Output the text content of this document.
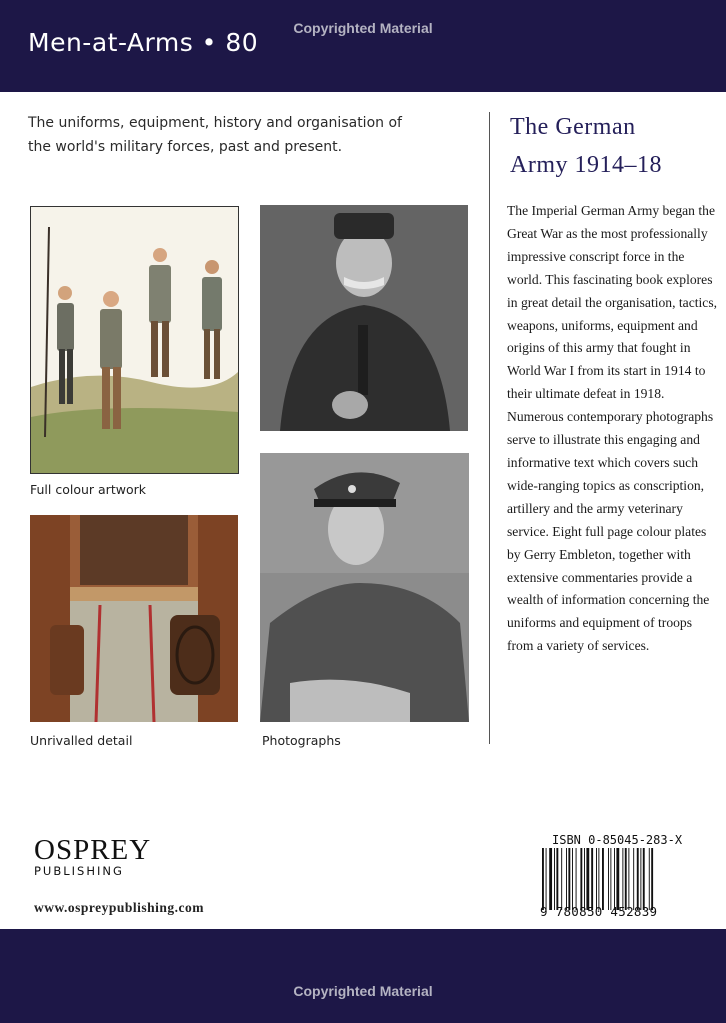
Men-at-Arms • 80	Copyrighted Material
The uniforms, equipment, history and organisation of the world's military forces, past and present.
The German
Army 1914–18
The Imperial German Army began the Great War as the most professionally impressive conscript force in the world. This fascinating book explores in great detail the organisation, tactics, weapons, uniforms, equipment and origins of this army that fought in World War I from its start in 1914 to their ultimate defeat in 1918. Numerous contemporary photographs serve to illustrate this engaging and informative text which covers such wide-ranging topics as conscription, artillery and the army veterinary service. Eight full page colour plates by Gerry Embleton, together with extensive commentaries provide a wealth of information concerning the uniforms and equipment of troops from a variety of services.
Full colour artwork
Unrivalled detail	Photographs
OSPREY
PUBLISHING
www.ospreypublishing.com
ISBN 0-85045-283-X
9 780850 452839
Copyrighted Material
